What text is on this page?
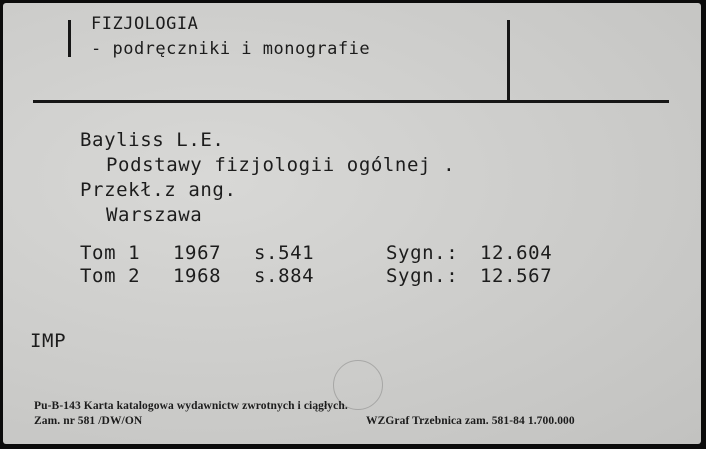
FIZJOLOGIA
- podręczniki i monografie
Bayliss L.E.
Podstawy fizjologii ogólnej .
Przekł.z ang.
Warszawa
Tom 1 1967 s.541	Sygn.: 12.604
Tom 2 1968 s.884	Sygn.: 12.567
IMP
Pu-B-143 Karta katalogowa wydawnictw zwrotnych i ciągłych.
Zam. nr 581 /DW/ON	WZGraf Trzebnica zam. 581-84 1.700.000
